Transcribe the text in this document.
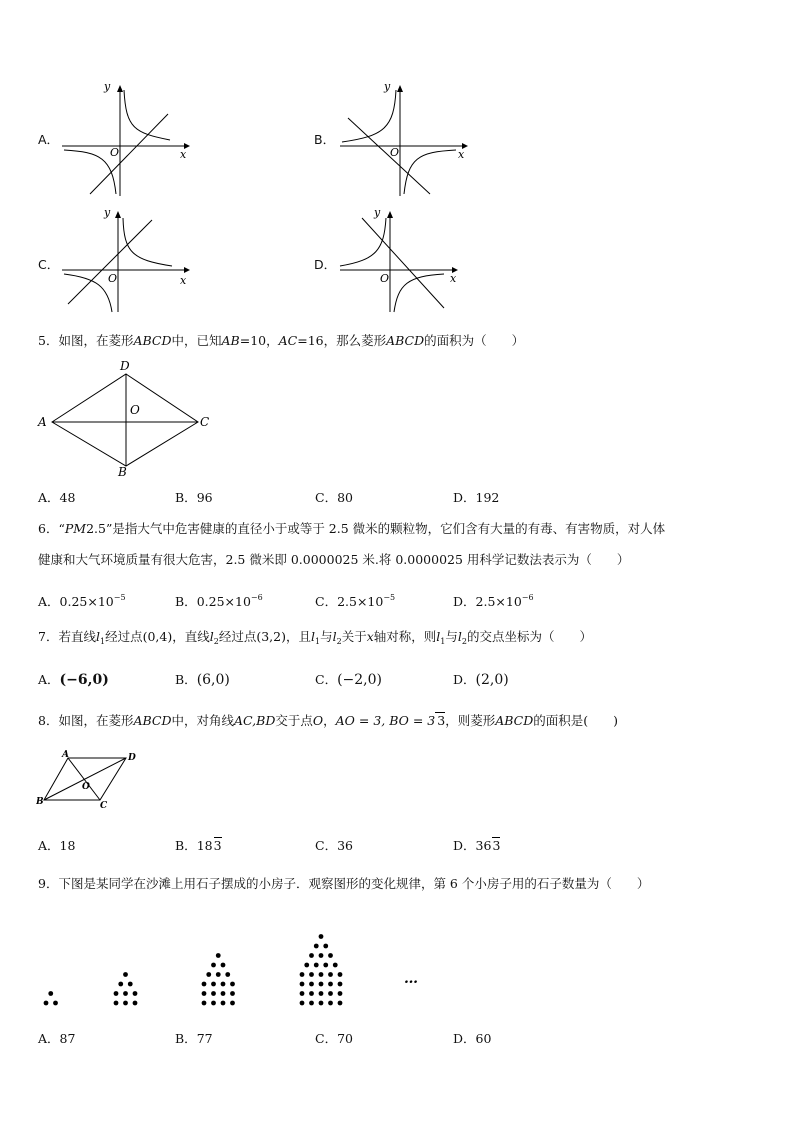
A．
y
x
O
B．
y
x
O
C．
y
x
O
D．
y
x
O
5．如图，在菱形ABCD中，已知AB=10，AC=16，那么菱形ABCD的面积为（　　）
A
D
C
B
O
A．48	B．96	C．80	D．192
6．“PM2.5”是指大气中危害健康的直径小于或等于 2.5 微米的颗粒物，它们含有大量的有毒、有害物质，对人体
健康和大气环境质量有很大危害，2.5 微米即 0.0000025 米.将 0.0000025 用科学记数法表示为（　　）
A．$0.25\times 10^{-5}$	B．$0.25\times 10^{-6}$	C．$2.5\times 10^{-5}$	D．$2.5\times 10^{-6}$
7．若直线$l_1$经过点(0,4)，直线$l_2$经过点(3,2)，且$l_1$与$l_2$关于x轴对称，则$l_1$与$l_2$的交点坐标为（　　）
A．(−6,0)	B．(6,0)	C．(−2,0)	D．(2,0)
8．如图，在菱形ABCD中，对角线AC,BD交于点O，AO = 3, BO = 3 3，则菱形ABCD的面积是(　　)
A	D
B	C
O
A．18	B．183	C．36	D．363
9．下图是某同学在沙滩上用石子摆成的小房子．观察图形的变化规律，第 6 个小房子用的石子数量为（　　）
…
A．87	B．77	C．70	D．60
